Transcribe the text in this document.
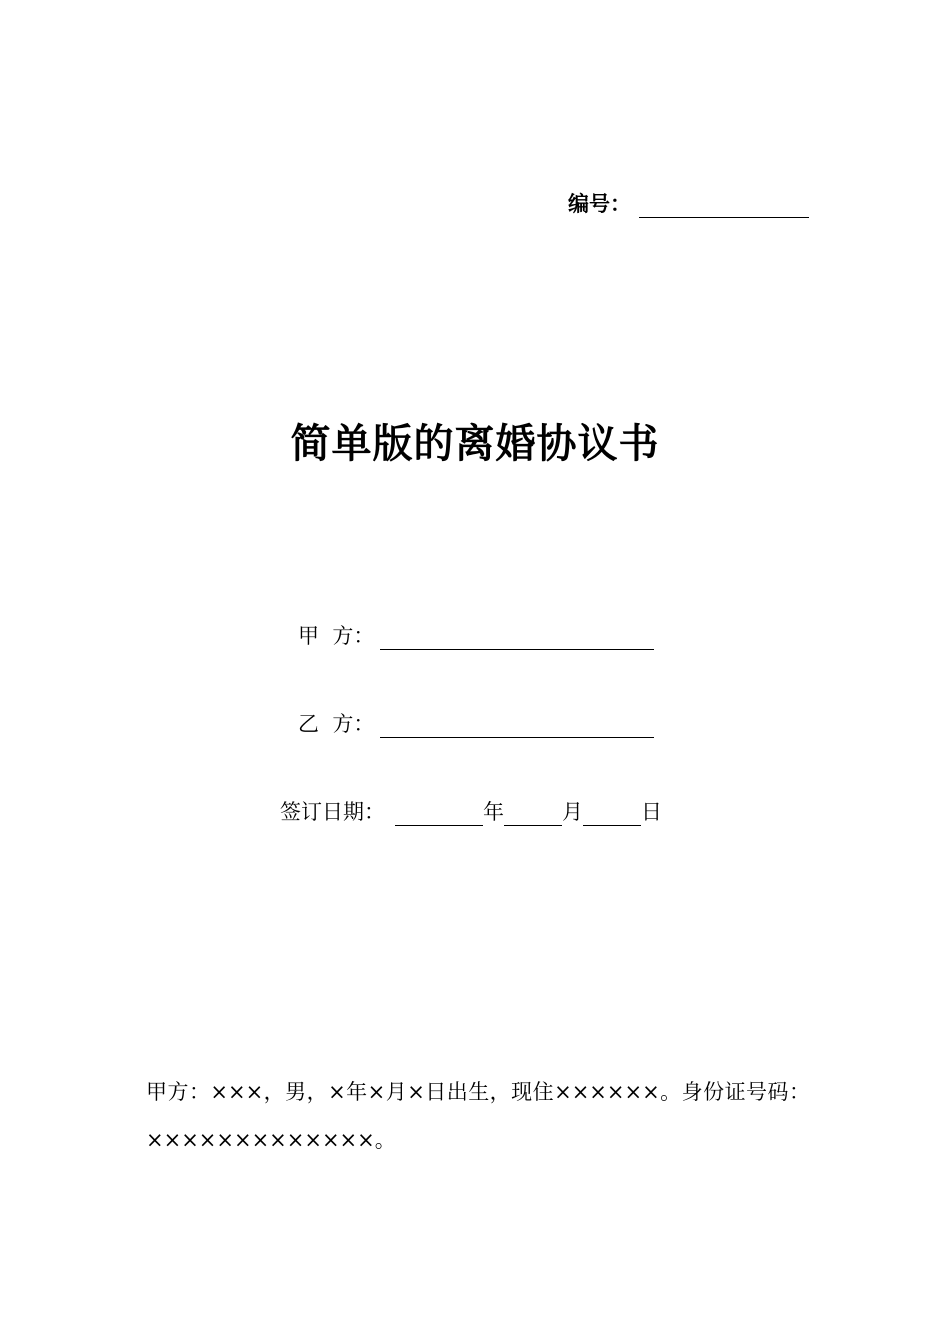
编号：
简单版的离婚协议书
甲  方：
乙  方：
签订日期：	年	月	日
甲方：×××，男，×年×月×日出生，现住××××××。身份证号码：×××××××××××××。
